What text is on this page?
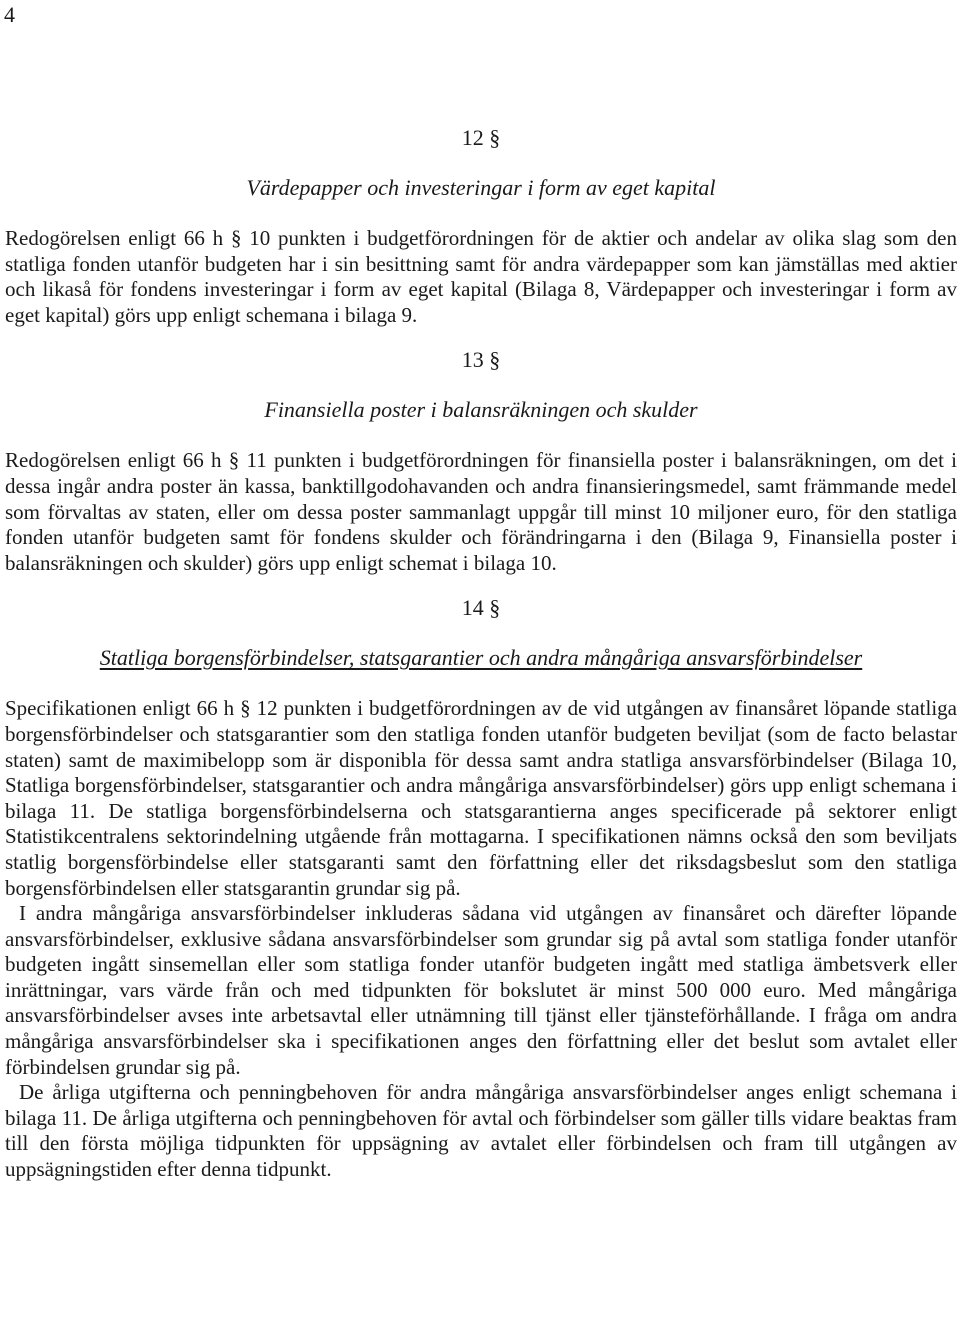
4
12 §
Värdepapper och investeringar i form av eget kapital

Redogörelsen enligt 66 h § 10 punkten i budgetförordningen för de aktier och andelar av olika slag som den statliga fonden utanför budgeten har i sin besittning samt för andra värdepapper som kan jämställas med aktier och likaså för fondens investeringar i form av eget kapital (Bilaga 8, Värdepapper och investeringar i form av eget kapital) görs upp enligt schemana i bilaga 9.

13 §
Finansiella poster i balansräkningen och skulder

Redogörelsen enligt 66 h § 11 punkten i budgetförordningen för finansiella poster i balansräkningen, om det i dessa ingår andra poster än kassa, banktillgodohavanden och andra finansieringsmedel, samt främmande medel som förvaltas av staten, eller om dessa poster sammanlagt uppgår till minst 10 miljoner euro, för den statliga fonden utanför budgeten samt för fondens skulder och förändringarna i den (Bilaga 9, Finansiella poster i balansräkningen och skulder) görs upp enligt schemat i bilaga 10.

14 §
Statliga borgensförbindelser, statsgarantier och andra mångåriga ansvarsförbindelser

Specifikationen enligt 66 h § 12 punkten i budgetförordningen av de vid utgången av finansåret löpande statliga borgensförbindelser och statsgarantier som den statliga fonden utanför budgeten beviljat (som de facto belastar staten) samt de maximibelopp som är disponibla för dessa samt andra statliga ansvarsförbindelser (Bilaga 10, Statliga borgensförbindelser, statsgarantier och andra mångåriga ansvarsförbindelser) görs upp enligt schemana i bilaga 11. De statliga borgensförbindelserna och statsgarantierna anges specificerade på sektorer enligt Statistikcentralens sektorindelning utgående från mottagarna. I specifikationen nämns också den som beviljats statlig borgensförbindelse eller statsgaranti samt den författning eller det riksdagsbeslut som den statliga borgensförbindelsen eller statsgarantin grundar sig på.

I andra mångåriga ansvarsförbindelser inkluderas sådana vid utgången av finansåret och därefter löpande ansvarsförbindelser, exklusive sådana ansvarsförbindelser som grundar sig på avtal som statliga fonder utanför budgeten ingått sinsemellan eller som statliga fonder utanför budgeten ingått med statliga ämbetsverk eller inrättningar, vars värde från och med tidpunkten för bokslutet är minst 500 000 euro. Med mångåriga ansvarsförbindelser avses inte arbetsavtal eller utnämning till tjänst eller tjänsteförhållande. I fråga om andra mångåriga ansvarsförbindelser ska i specifikationen anges den författning eller det beslut som avtalet eller förbindelsen grundar sig på.

De årliga utgifterna och penningbehoven för andra mångåriga ansvarsförbindelser anges enligt schemana i bilaga 11. De årliga utgifterna och penningbehoven för avtal och förbindelser som gäller tills vidare beaktas fram till den första möjliga tidpunkten för uppsägning av avtalet eller förbindelsen och fram till utgången av uppsägningstiden efter denna tidpunkt.
